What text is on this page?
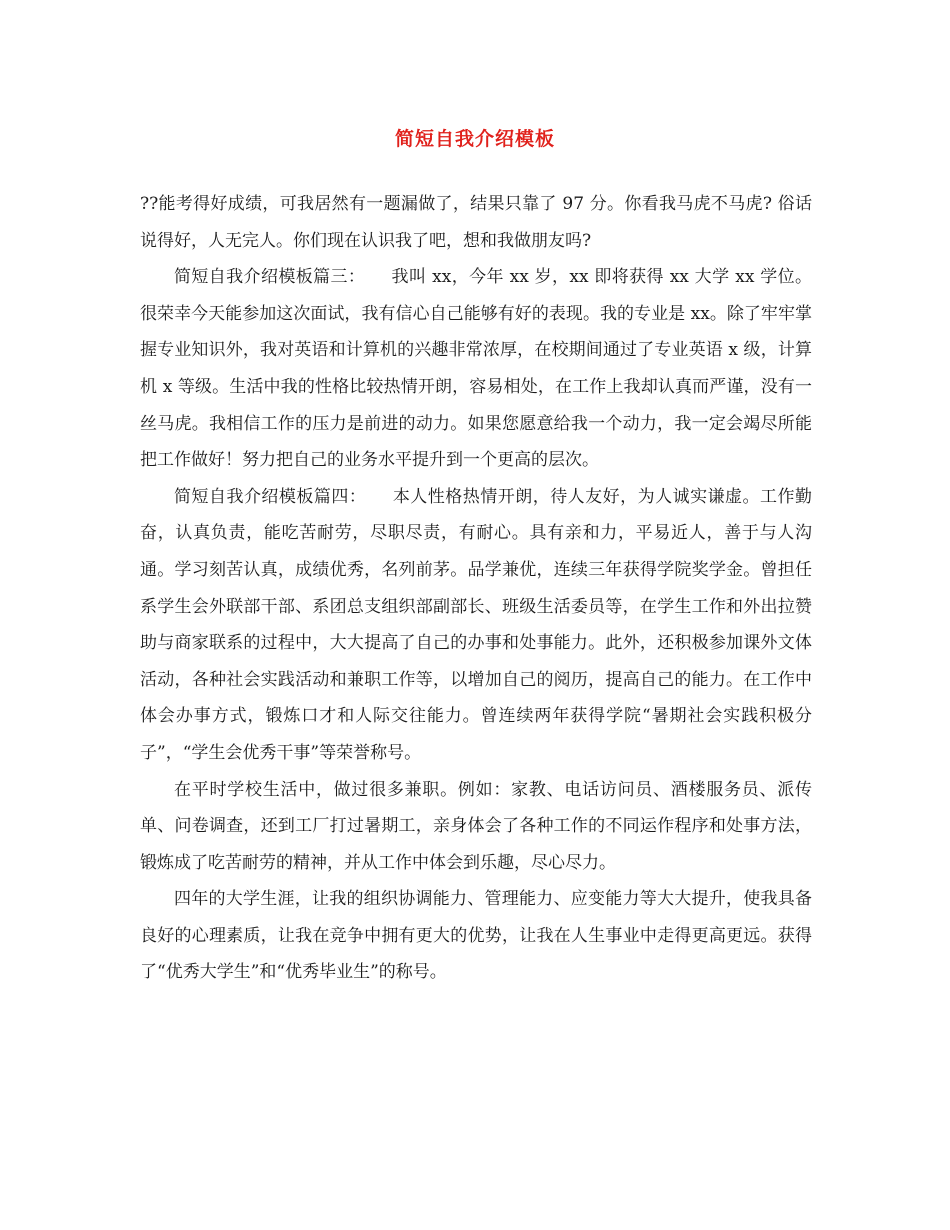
简短自我介绍模板

??能考得好成绩，可我居然有一题漏做了，结果只靠了 97 分。你看我马虎不马虎? 俗话说得好，人无完人。你们现在认识我了吧，想和我做朋友吗?

简短自我介绍模板篇三：　　我叫 xx，今年 xx 岁，xx 即将获得 xx 大学 xx 学位。很荣幸今天能参加这次面试，我有信心自己能够有好的表现。我的专业是 xx。除了牢牢掌握专业知识外，我对英语和计算机的兴趣非常浓厚，在校期间通过了专业英语 x 级，计算机 x 等级。生活中我的性格比较热情开朗，容易相处，在工作上我却认真而严谨，没有一丝马虎。我相信工作的压力是前进的动力。如果您愿意给我一个动力，我一定会竭尽所能把工作做好！努力把自己的业务水平提升到一个更高的层次。

简短自我介绍模板篇四：　　本人性格热情开朗，待人友好，为人诚实谦虚。工作勤奋，认真负责，能吃苦耐劳，尽职尽责，有耐心。具有亲和力，平易近人，善于与人沟通。学习刻苦认真，成绩优秀，名列前茅。品学兼优，连续三年获得学院奖学金。曾担任系学生会外联部干部、系团总支组织部副部长、班级生活委员等，在学生工作和外出拉赞助与商家联系的过程中，大大提高了自己的办事和处事能力。此外，还积极参加课外文体活动，各种社会实践活动和兼职工作等，以增加自己的阅历，提高自己的能力。在工作中体会办事方式，锻炼口才和人际交往能力。曾连续两年获得学院“暑期社会实践积极分子”，“学生会优秀干事”等荣誉称号。

在平时学校生活中，做过很多兼职。例如：家教、电话访问员、酒楼服务员、派传单、问卷调查，还到工厂打过暑期工，亲身体会了各种工作的不同运作程序和处事方法，锻炼成了吃苦耐劳的精神，并从工作中体会到乐趣，尽心尽力。

四年的大学生涯，让我的组织协调能力、管理能力、应变能力等大大提升，使我具备良好的心理素质，让我在竞争中拥有更大的优势，让我在人生事业中走得更高更远。获得了“优秀大学生”和“优秀毕业生”的称号。
